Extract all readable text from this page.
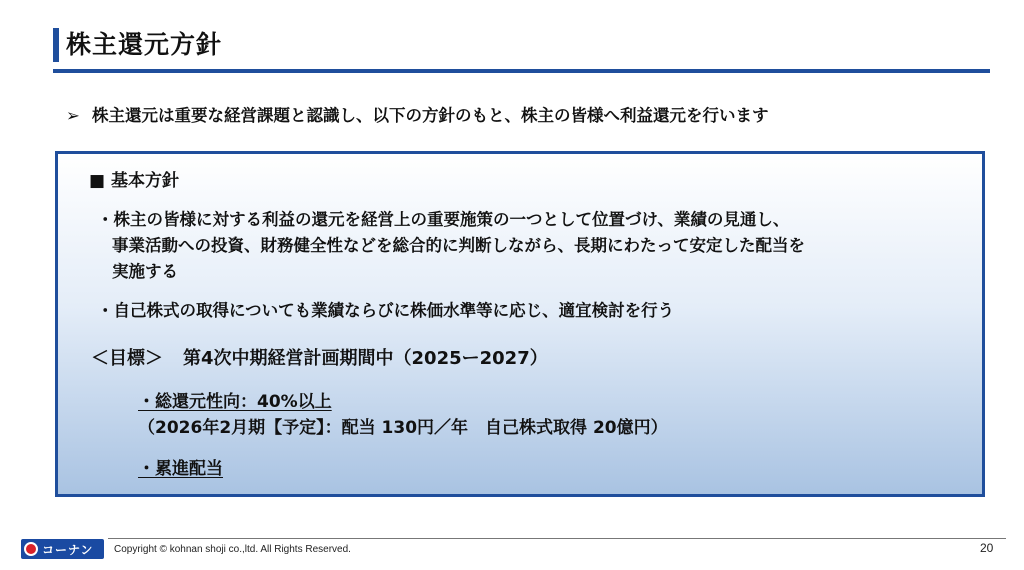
株主還元方針
➢ 株主還元は重要な経営課題と認識し、以下の方針のもと、株主の皆様へ利益還元を行います
■ 基本方針
・株主の皆様に対する利益の還元を経営上の重要施策の一つとして位置づけ、業績の見通し、
事業活動への投資、財務健全性などを総合的に判断しながら、長期にわたって安定した配当を
実施する
・自己株式の取得についても業績ならびに株価水準等に応じ、適宜検討を行う
＜目標＞ 第4次中期経営計画期間中（2025ー2027）
・総還元性向：40%以上
（2026年2月期【予定】：配当 130円／年　自己株式取得 20億円）
・累進配当
コーナン Copyright © kohnan shoji co.,ltd. All Rights Reserved.	20
